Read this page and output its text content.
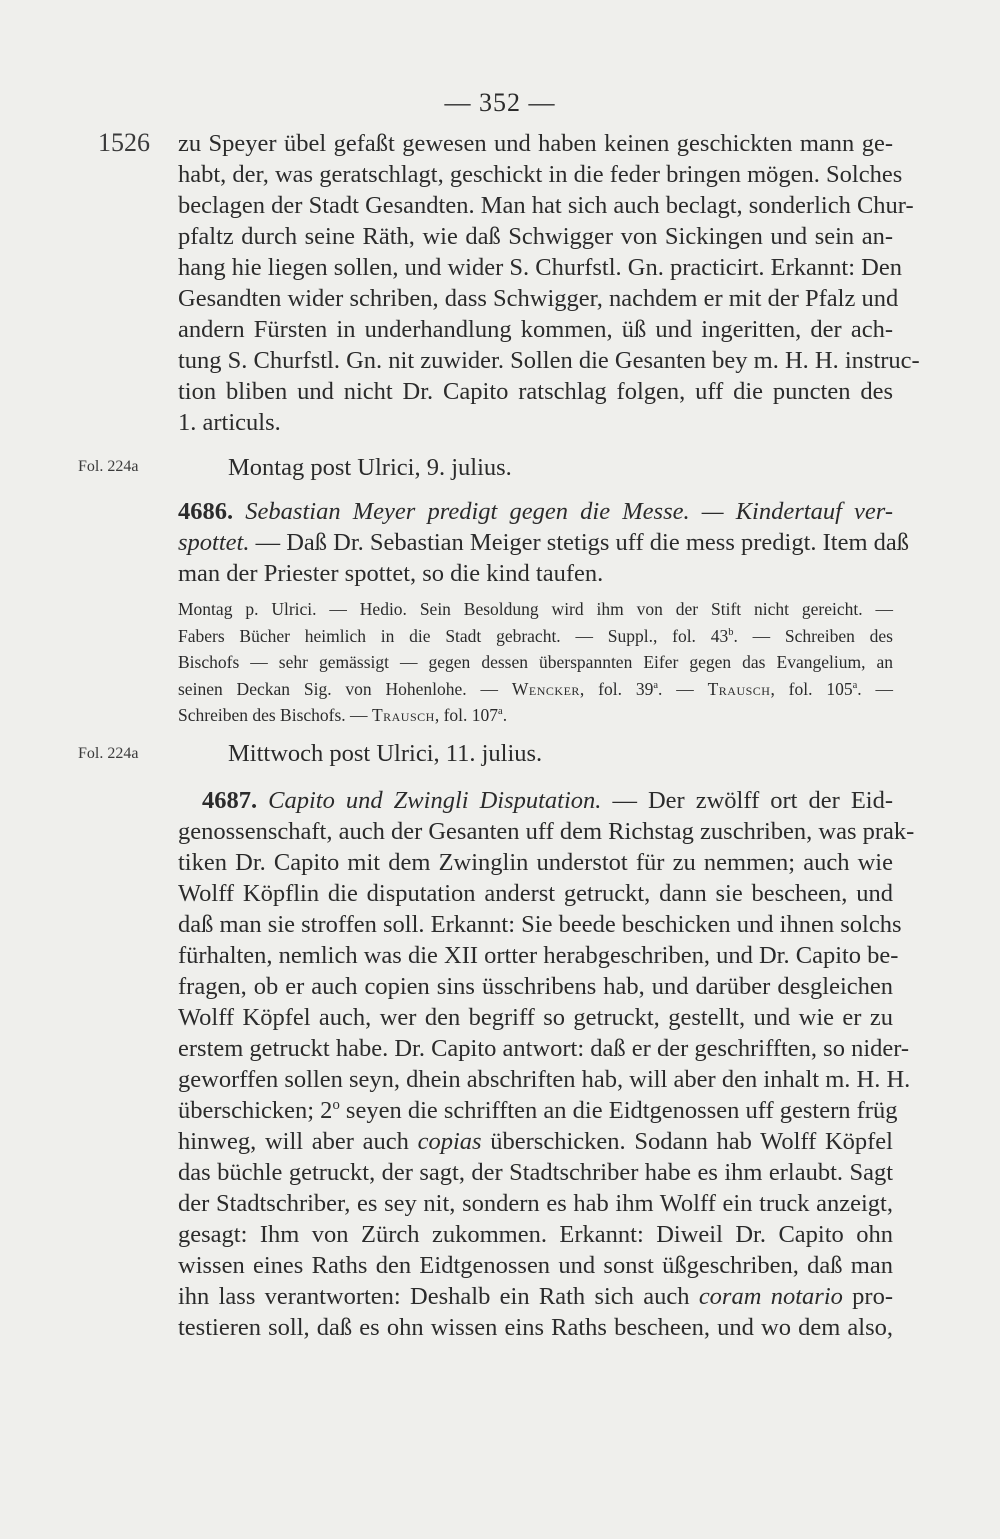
— 352 —
1526
Fol. 224a
Fol. 224a
zu Speyer übel gefaßt gewesen und haben keinen geschickten mann ge-
habt, der, was geratschlagt, geschickt in die feder bringen mögen. Solches
beclagen der Stadt Gesandten. Man hat sich auch beclagt, sonderlich Chur-
pfaltz durch seine Räth, wie daß Schwigger von Sickingen und sein an-
hang hie liegen sollen, und wider S. Churfstl. Gn. practicirt. Erkannt: Den
Gesandten wider schriben, dass Schwigger, nachdem er mit der Pfalz und
andern Fürsten in underhandlung kommen, üß und ingeritten, der ach-
tung S. Churfstl. Gn. nit zuwider. Sollen die Gesanten bey m. H. H. instruc-
tion bliben und nicht Dr. Capito ratschlag folgen, uff die puncten des
1. articuls.
Montag post Ulrici, 9. julius.
4686. Sebastian Meyer predigt gegen die Messe. — Kindertauf ver-
spottet. — Daß Dr. Sebastian Meiger stetigs uff die mess predigt. Item daß
man der Priester spottet, so die kind taufen.
Montag p. Ulrici. — Hedio. Sein Besoldung wird ihm von der Stift nicht gereicht. —
Fabers Bücher heimlich in die Stadt gebracht. — Suppl., fol. 43$^b$. — Schreiben des
Bischofs — sehr gemässigt — gegen dessen überspannten Eifer gegen das Evangelium, an
seinen Deckan Sig. von Hohenlohe. — Wencker, fol. 39$^a$. — Trausch, fol. 105$^a$. —
Schreiben des Bischofs. — Trausch, fol. 107$^a$.
Mittwoch post Ulrici, 11. julius.
4687. Capito und Zwingli Disputation. — Der zwölff ort der Eid-
genossenschaft, auch der Gesanten uff dem Richstag zuschriben, was prak-
tiken Dr. Capito mit dem Zwinglin understot für zu nemmen; auch wie
Wolff Köpflin die disputation anderst getruckt, dann sie bescheen, und
daß man sie stroffen soll. Erkannt: Sie beede beschicken und ihnen solchs
fürhalten, nemlich was die XII ortter herabgeschriben, und Dr. Capito be-
fragen, ob er auch copien sins üsschribens hab, und darüber desgleichen
Wolff Köpfel auch, wer den begriff so getruckt, gestellt, und wie er zu
erstem getruckt habe. Dr. Capito antwort: daß er der geschrifften, so nider-
geworffen sollen seyn, dhein abschriften hab, will aber den inhalt m. H. H.
überschicken; 2$^o$ seyen die schrifften an die Eidtgenossen uff gestern früg
hinweg, will aber auch copias überschicken. Sodann hab Wolff Köpfel
das büchle getruckt, der sagt, der Stadtschriber habe es ihm erlaubt. Sagt
der Stadtschriber, es sey nit, sondern es hab ihm Wolff ein truck anzeigt,
gesagt: Ihm von Zürch zukommen. Erkannt: Diweil Dr. Capito ohn
wissen eines Raths den Eidtgenossen und sonst üßgeschriben, daß man
ihn lass verantworten: Deshalb ein Rath sich auch coram notario pro-
testieren soll, daß es ohn wissen eins Raths bescheen, und wo dem also,
